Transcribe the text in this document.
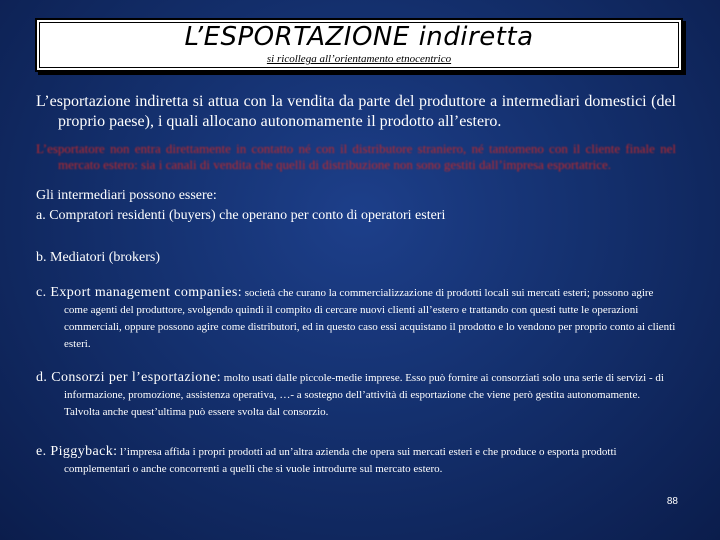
L’ESPORTAZIONE indiretta
si ricollega all’orientamento etnocentrico

L’esportazione indiretta si attua con la vendita da parte del produttore a intermediari domestici (del proprio paese), i quali allocano autonomamente il prodotto all’estero.

L’esportatore non entra direttamente in contatto né con il distributore straniero, né tantomeno con il cliente finale nel mercato estero: sia i canali di vendita che quelli di distribuzione non sono gestiti dall’impresa esportatrice.

Gli intermediari possono essere:

a. Compratori residenti (buyers) che operano per conto di operatori esteri

b. Mediatori (brokers)

c. Export management companies: società che curano la commercializzazione di prodotti locali sui mercati esteri; possono agire come agenti del produttore, svolgendo quindi il compito di cercare nuovi clienti all’estero e trattando con questi tutte le operazioni commerciali, oppure possono agire come distributori, ed in questo caso essi acquistano il prodotto e lo vendono per proprio conto ai clienti esteri.

d. Consorzi per l’esportazione: molto usati dalle piccole-medie imprese. Esso può fornire ai consorziati solo una serie di servizi - di informazione, promozione, assistenza operativa, …- a sostegno dell’attività di esportazione che viene però gestita autonomamente. Talvolta anche quest’ultima può essere svolta dal consorzio.

e. Piggyback: l’impresa affida i propri prodotti ad un’altra azienda che opera sui mercati esteri e che produce o esporta prodotti complementari o anche concorrenti a quelli che si vuole introdurre sul mercato estero.

88
